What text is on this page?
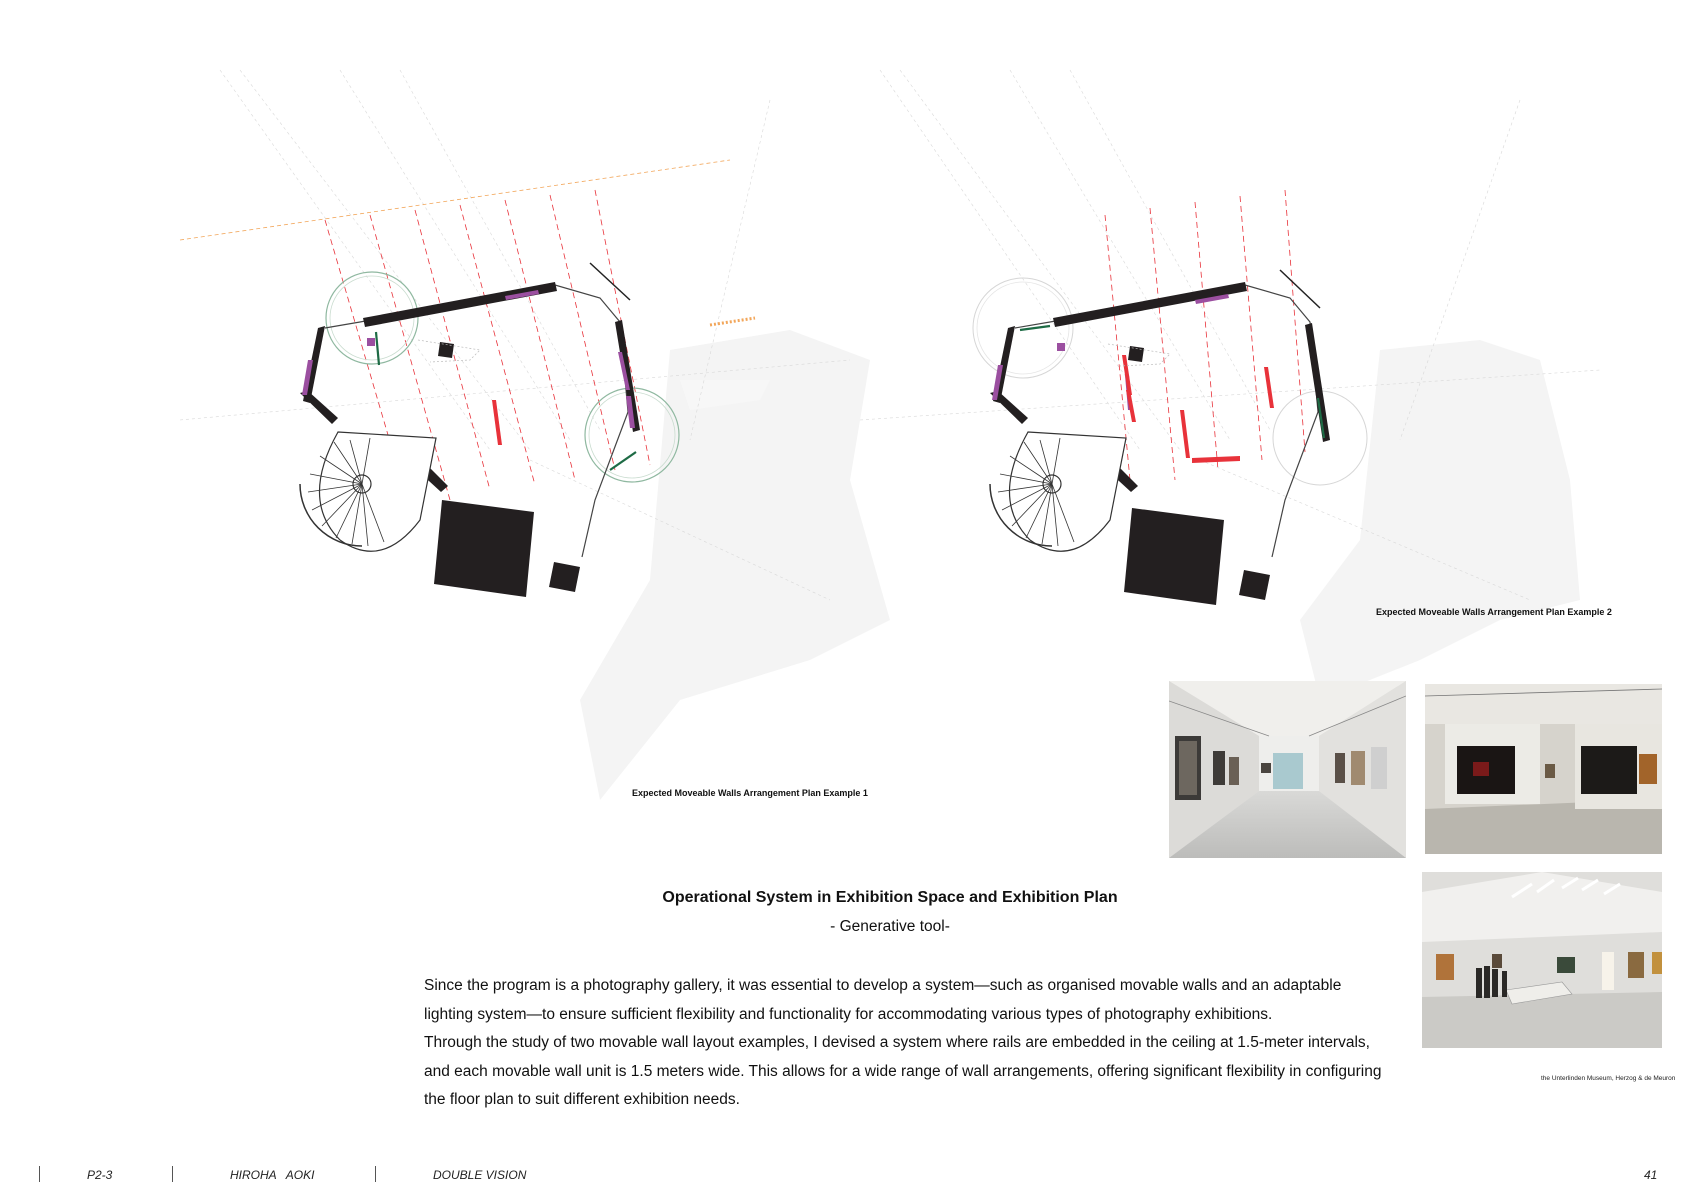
Expected Moveable Walls Arrangement Plan Example 1
Expected Moveable Walls Arrangement Plan Example 2
the Unterlinden Museum, Herzog & de Meuron
Operational System in Exhibition Space and Exhibition Plan
- Generative tool-

Since the program is a photography gallery, it was essential to develop a system—such as organised movable walls and an adaptable lighting system—to ensure sufficient flexibility and functionality for accommodating various types of photography exhibitions.

Through the study of two movable wall layout examples, I devised a system where rails are embedded in the ceiling at 1.5-meter intervals, and each movable wall unit is 1.5 meters wide. This allows for a wide range of wall arrangements, offering significant flexibility in configuring the floor plan to suit different exhibition needs.

P2-3	HIROHA   AOKI	DOUBLE VISION	41
